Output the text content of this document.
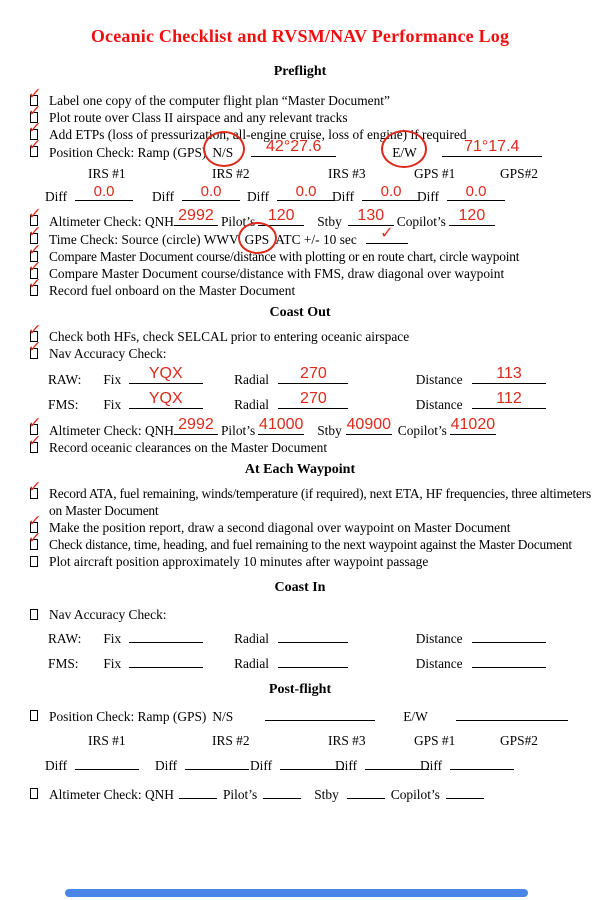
Oceanic Checklist and RVSM/NAV Performance Log
Preflight
✓ Label one copy of the computer flight plan “Master Document”
✓ Plot route over Class II airspace and any relevant tracks
✓ Add ETPs (loss of pressurization, all-engine cruise, loss of engine) if required
✓ Position Check: Ramp (GPS) N/S 42°27.6	E/W	71°17.4
IRS #1	IRS #2	IRS #3	GPS #1	GPS#2
Diff 0.0	Diff 0.0 Diff 0.0 Diff 0.0 Diff 0.0
✓ Altimeter Check: QNH 2992 Pilot’s 120 Stby 130 Copilot’s 120
✓ Time Check: Source (circle) WWV GPS ATC +/- 10 sec ✓
✓ Compare Master Document course/distance with plotting or en route chart, circle waypoint
✓ Compare Master Document course/distance with FMS, draw diagonal over waypoint
✓ Record fuel onboard on the Master Document
Coast Out
✓ Check both HFs, check SELCAL prior to entering oceanic airspace
✓ Nav Accuracy Check:
RAW: Fix YQX	Radial 270	Distance 113
FMS: Fix YQX	Radial 270	Distance 112
✓ Altimeter Check: QNH 2992 Pilot’s 41000 Stby 40900 Copilot’s 41020
✓ Record oceanic clearances on the Master Document
At Each Waypoint
✓ Record ATA, fuel remaining, winds/temperature (if required), next ETA, HF frequencies, three altimeters on Master Document
✓ Make the position report, draw a second diagonal over waypoint on Master Document
✓ Check distance, time, heading, and fuel remaining to the next waypoint against the Master Document
Plot aircraft position approximately 10 minutes after waypoint passage
Coast In
Nav Accuracy Check:
RAW: Fix	Radial	Distance
FMS: Fix	Radial	Distance
Post-flight
Position Check: Ramp (GPS) N/S	E/W
IRS #1	IRS #2	IRS #3	GPS #1	GPS#2
Diff	Diff	Diff	Diff	Diff
Altimeter Check: QNH	Pilot’s	Stby	Copilot’s
